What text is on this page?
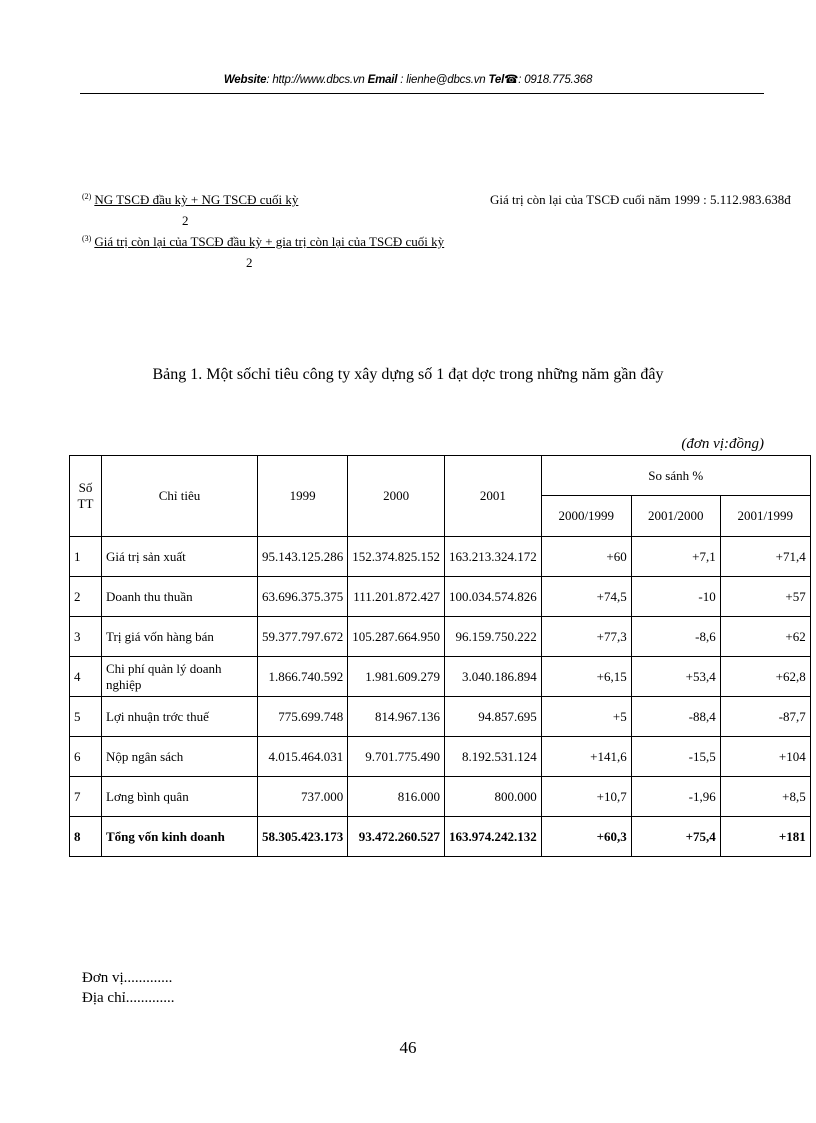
Website: http://www.dbcs.vn Email : lienhe@dbcs.vn Tel☎: 0918.775.368
$^{(2)}$ NG TSCĐ đầu kỳ + NG TSCĐ cuối kỳ
2
$^{(3)}$ Giá trị còn lại của TSCĐ đầu kỳ + gia trị còn lại của TSCĐ cuối kỳ
2
Giá trị còn lại của TSCĐ cuối năm 1999 : 5.112.983.638đ
Bảng 1. Một sốchỉ tiêu công ty xây dựng số 1 đạt dợc trong những năm gần đây
(đơn vị:đồng)
Số TT	Chỉ tiêu	1999	2000	2001	So sánh %		
					2000/1999	2001/2000	2001/1999
1	Giá trị sản xuất	95.143.125.286	152.374.825.152	163.213.324.172	+60	+7,1	+71,4
2	Doanh thu thuần	63.696.375.375	111.201.872.427	100.034.574.826	+74,5	-10	+57
3	Trị giá vốn hàng bán	59.377.797.672	105.287.664.950	96.159.750.222	+77,3	-8,6	+62
4	Chi phí quản lý doanh nghiệp	1.866.740.592	1.981.609.279	3.040.186.894	+6,15	+53,4	+62,8
5	Lợi nhuận trớc thuế	775.699.748	814.967.136	94.857.695	+5	-88,4	-87,7
6	Nộp ngân sách	4.015.464.031	9.701.775.490	8.192.531.124	+141,6	-15,5	+104
7	Lơng bình quân	737.000	816.000	800.000	+10,7	-1,96	+8,5
8	Tổng vốn kinh doanh	58.305.423.173	93.472.260.527	163.974.242.132	+60,3	+75,4	+181
Đơn vị.............
Địa chỉ.............
46
